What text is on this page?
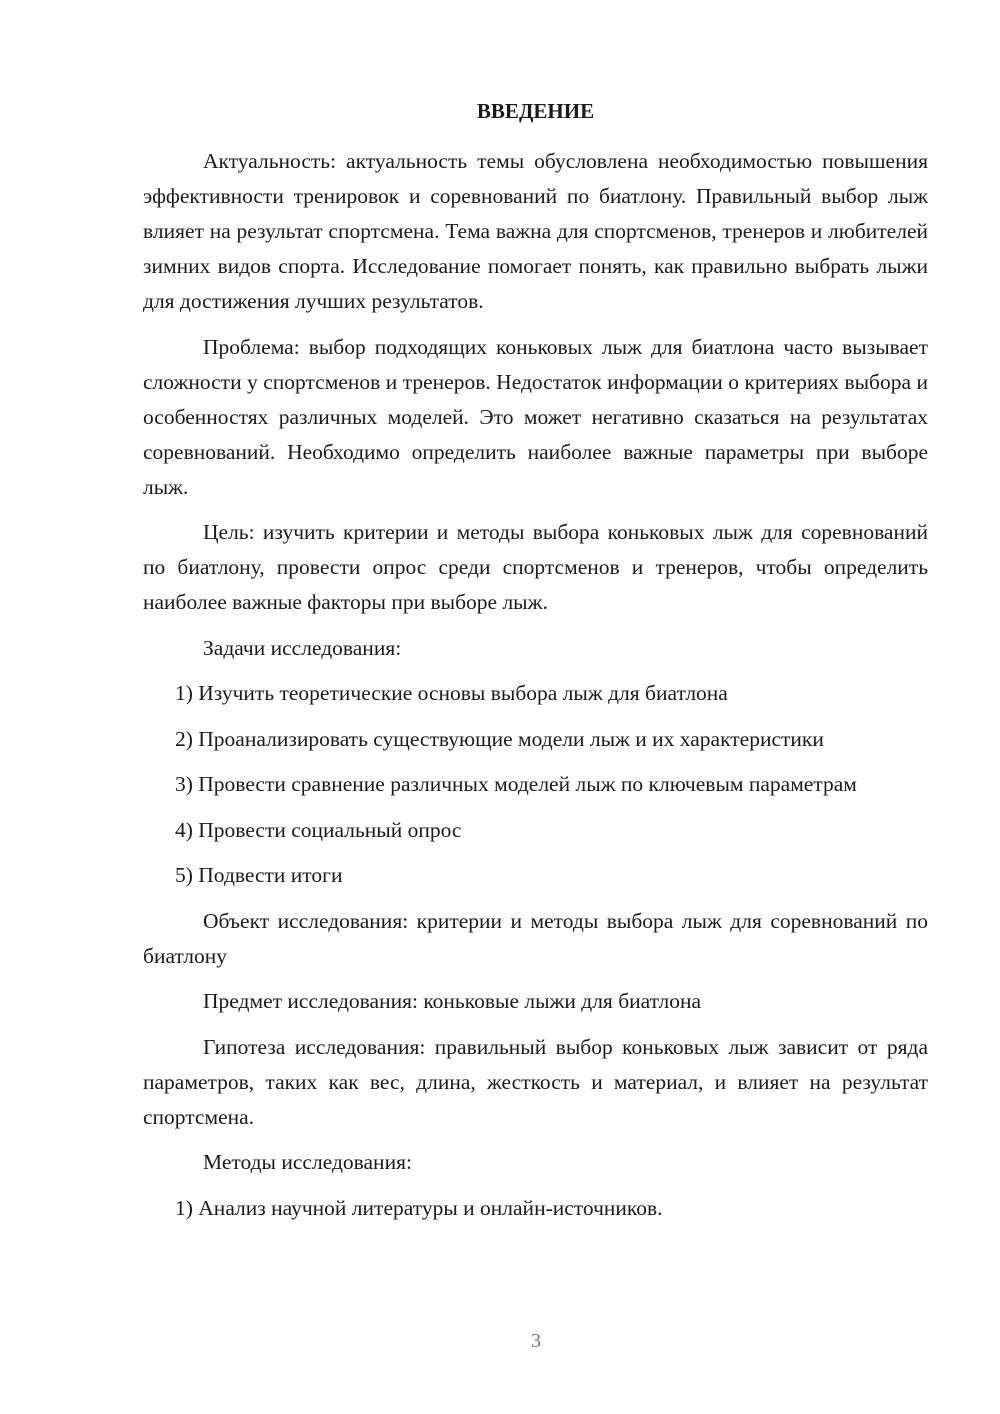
ВВЕДЕНИЕ

Актуальность: актуальность темы обусловлена необходимостью повышения эффективности тренировок и соревнований по биатлону. Правильный выбор лыж влияет на результат спортсмена. Тема важна для спортсменов, тренеров и любителей зимних видов спорта. Исследование помогает понять, как правильно выбрать лыжи для достижения лучших результатов.

Проблема: выбор подходящих коньковых лыж для биатлона часто вызывает сложности у спортсменов и тренеров. Недостаток информации о критериях выбора и особенностях различных моделей. Это может негативно сказаться на результатах соревнований. Необходимо определить наиболее важные параметры при выборе лыж.

Цель: изучить критерии и методы выбора коньковых лыж для соревнований по биатлону, провести опрос среди спортсменов и тренеров, чтобы определить наиболее важные факторы при выборе лыж.

Задачи исследования:

1) Изучить теоретические основы выбора лыж для биатлона

2) Проанализировать существующие модели лыж и их характеристики

3) Провести сравнение различных моделей лыж по ключевым параметрам

4) Провести социальный опрос

5) Подвести итоги

Объект исследования: критерии и методы выбора лыж для соревнований по биатлону

Предмет исследования: коньковые лыжи для биатлона

Гипотеза исследования: правильный выбор коньковых лыж зависит от ряда параметров, таких как вес, длина, жесткость и материал, и влияет на результат спортсмена.

Методы исследования:

1) Анализ научной литературы и онлайн-источников.

3
